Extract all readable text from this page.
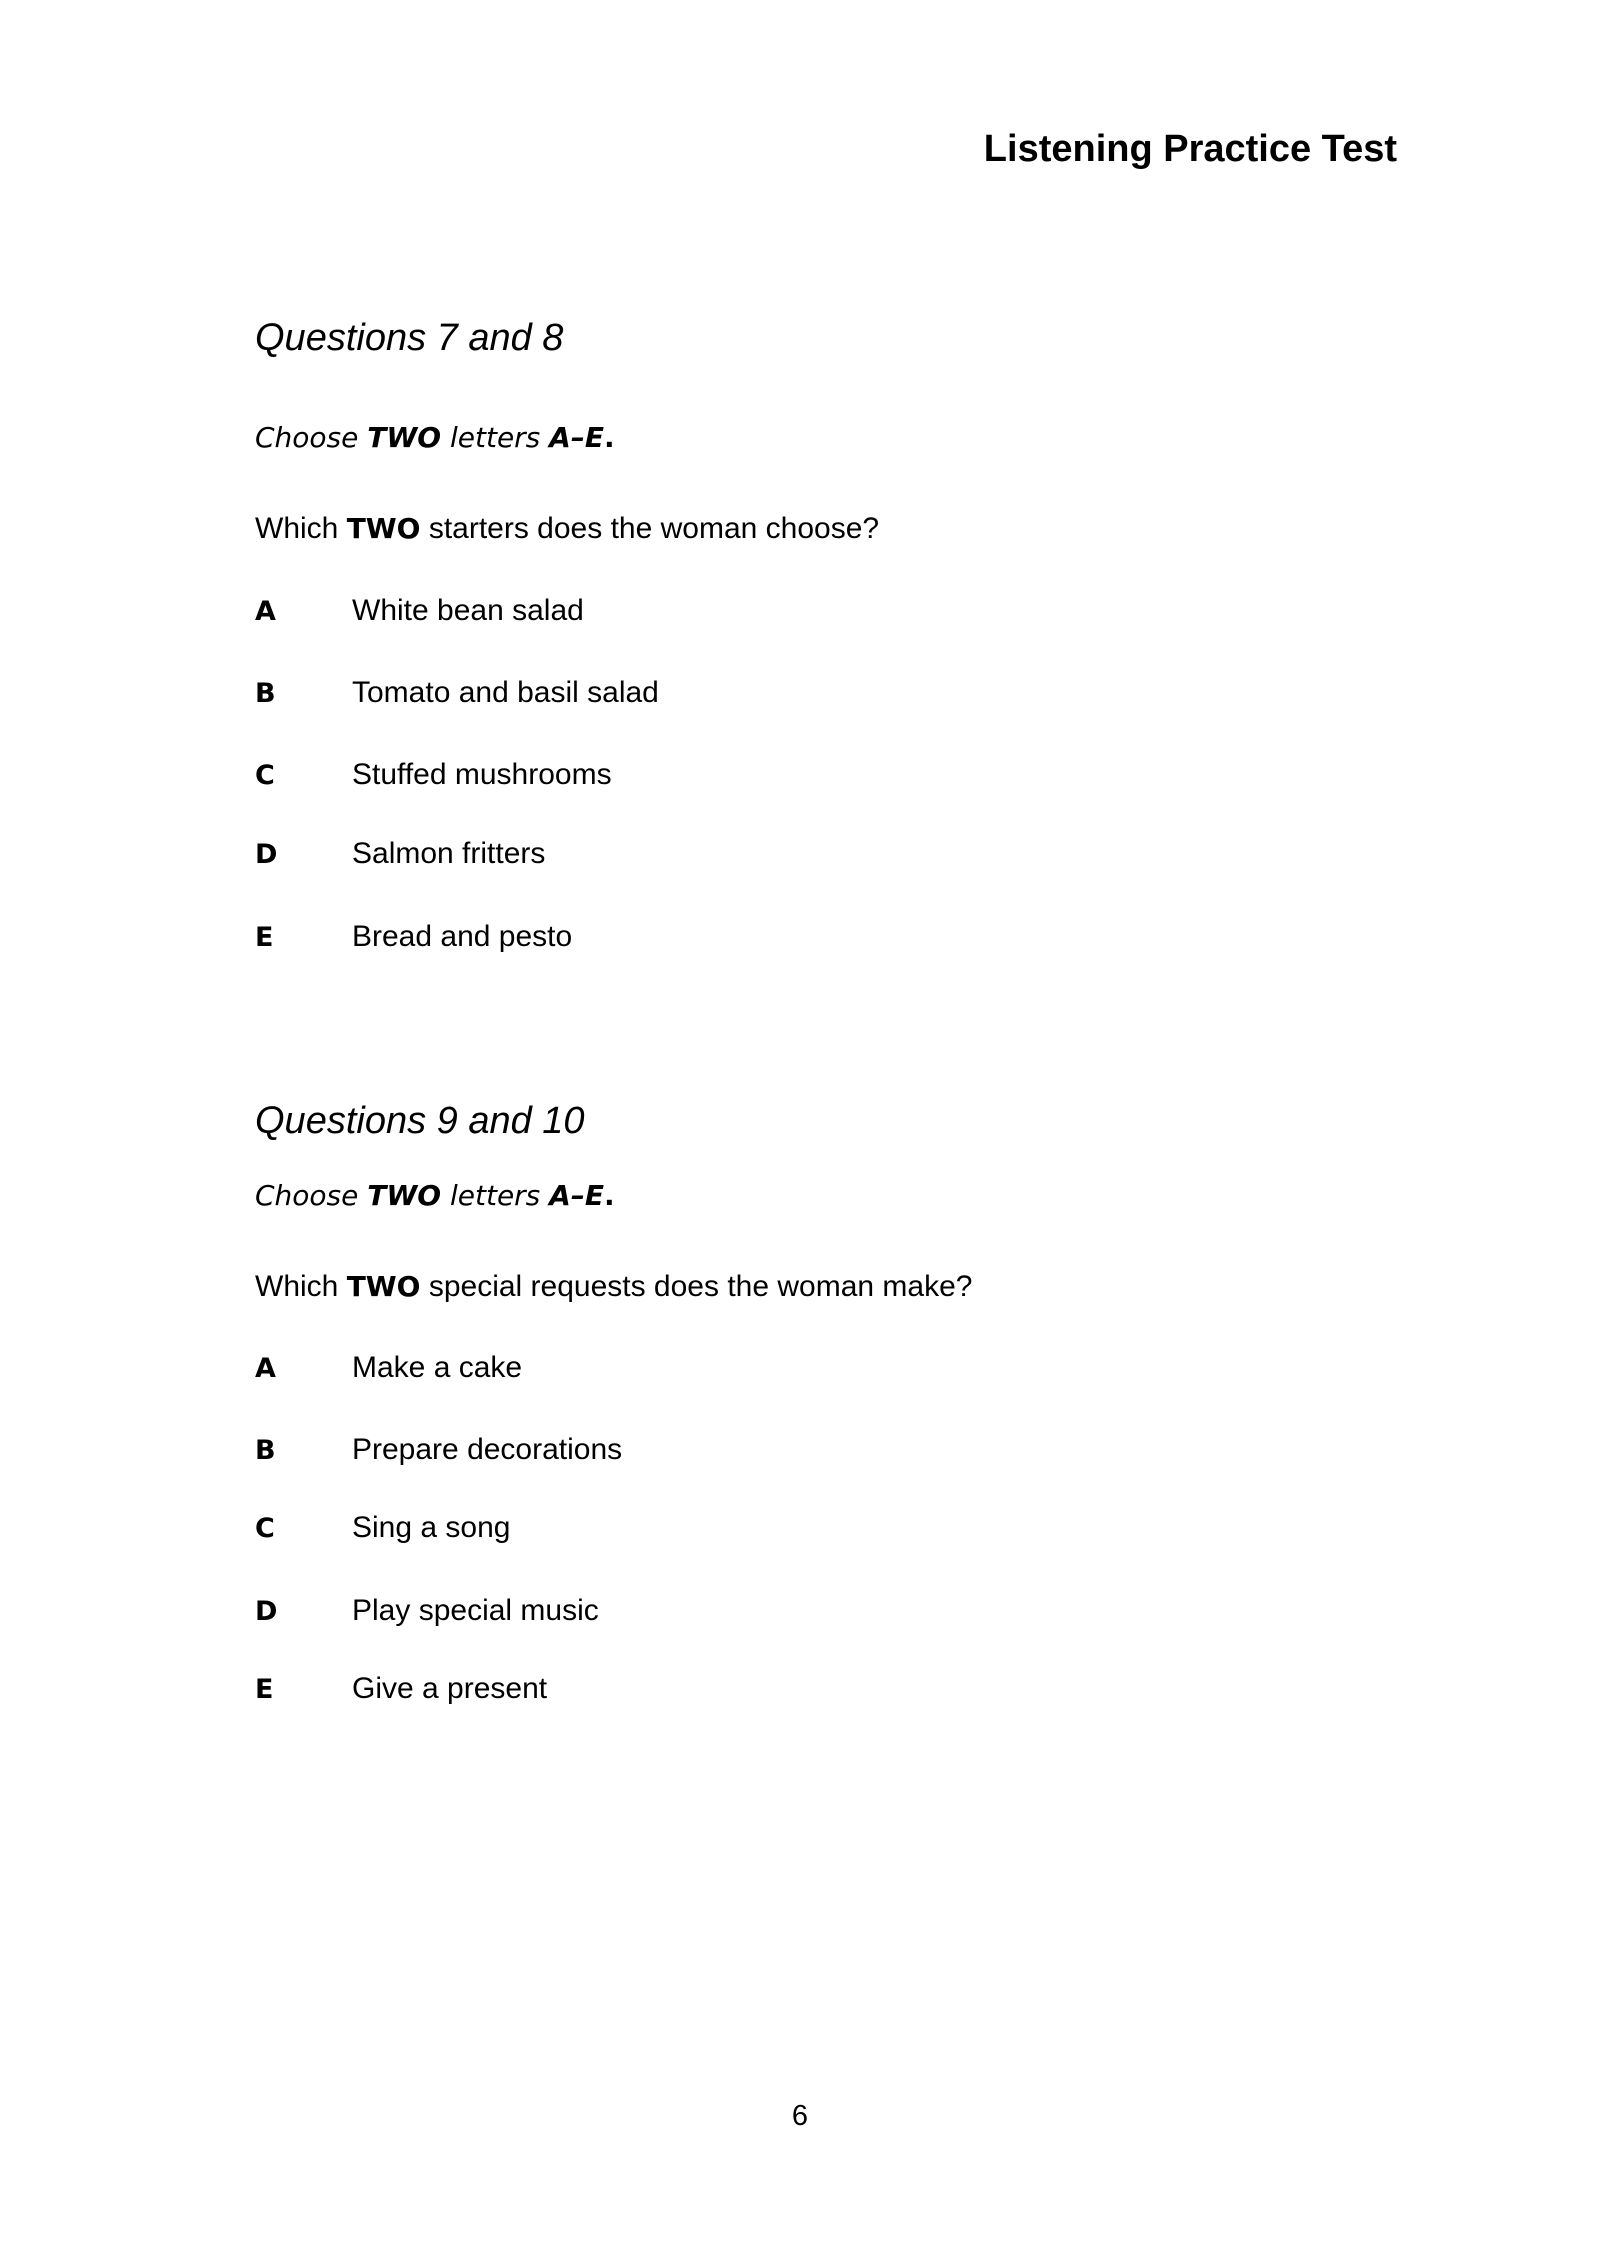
Listening Practice Test
Questions 7 and 8

Choose TWO letters A–E.

Which TWO starters does the woman choose?

A	White bean salad
B	Tomato and basil salad
C	Stuffed mushrooms
D Salmon fritters
E	Bread and pesto
Questions 9 and 10

Choose TWO letters A–E.

Which TWO special requests does the woman make?

A	Make a cake
B	Prepare decorations
C	Sing a song
D Play special music
E	Give a present

6
